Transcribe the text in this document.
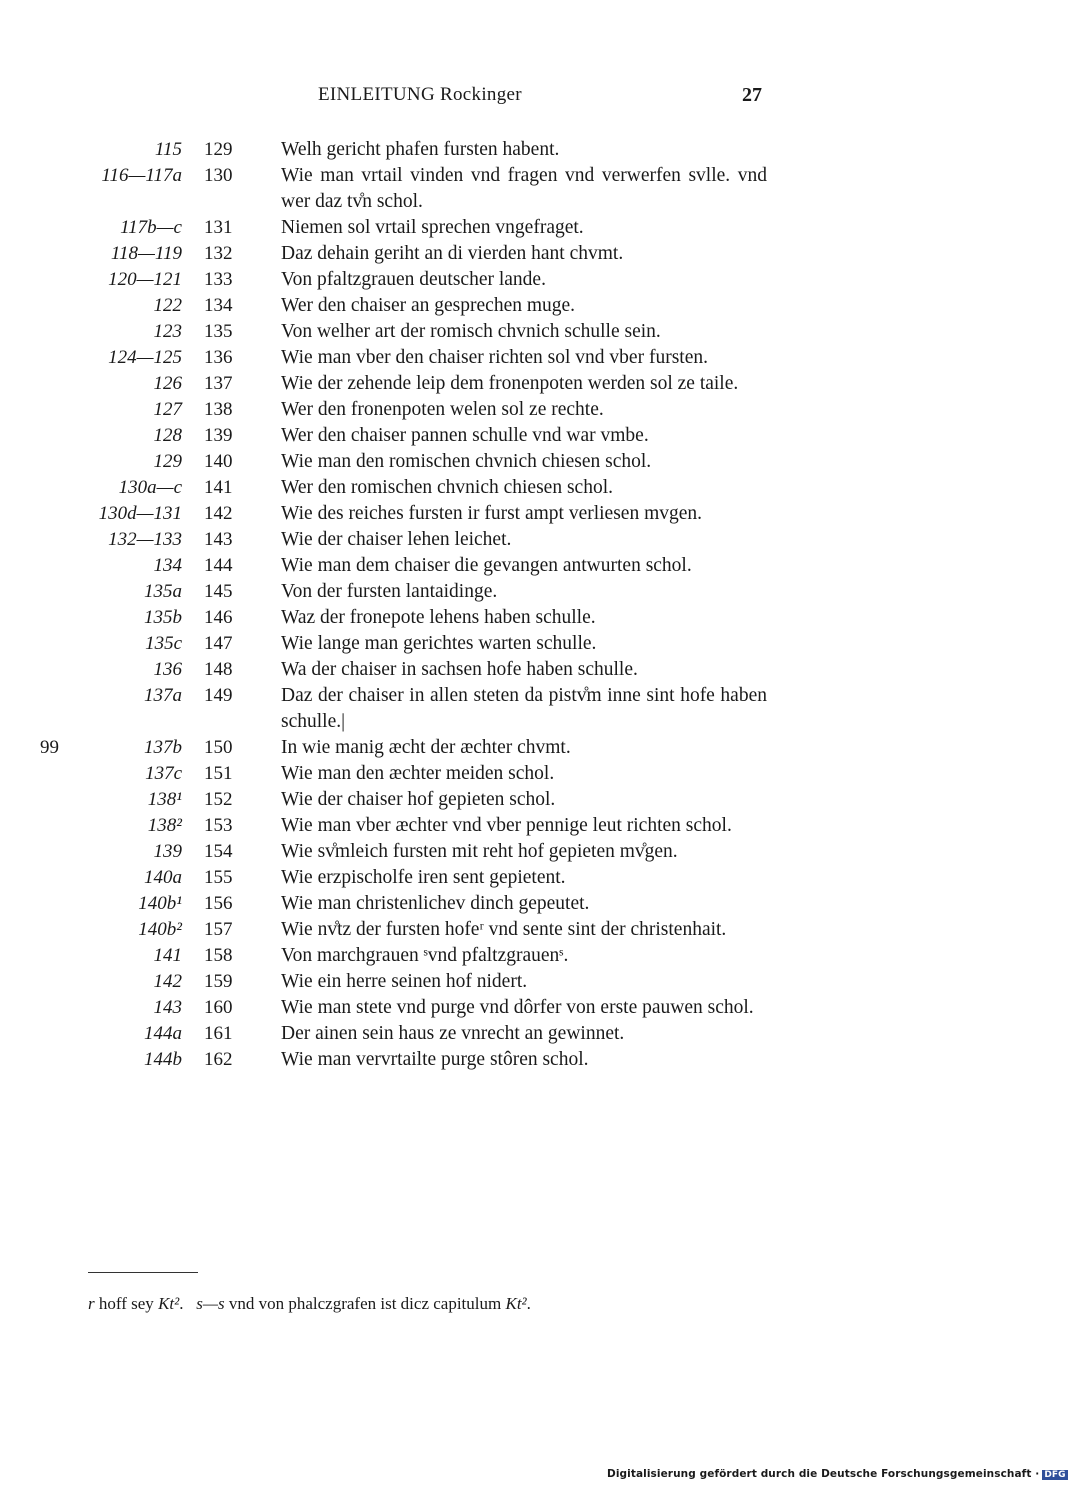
EINLEITUNG Rockinger	27
115 129 Welh gericht phafen fursten habent.
116—117a 130 Wie man vrtail vinden vnd fragen vnd verwerfen svlle. vnd wer daz tv̊n schol.
117b—c 131 Niemen sol vrtail sprechen vngefraget.
118—119 132 Daz dehain geriht an di vierden hant chvmt.
120—121 133 Von pfaltzgrauen deutscher lande.
122 134 Wer den chaiser an gesprechen muge.
123 135 Von welher art der romisch chvnich schulle sein.
124—125 136 Wie man vber den chaiser richten sol vnd vber fursten.
126 137 Wie der zehende leip dem fronenpoten werden sol ze taile.
127 138 Wer den fronenpoten welen sol ze rechte.
128 139 Wer den chaiser pannen schulle vnd war vmbe.
129 140 Wie man den romischen chvnich chiesen schol.
130a—c 141 Wer den romischen chvnich chiesen schol.
130d—131 142 Wie des reiches fursten ir furst ampt verliesen mvgen.
132—133 143 Wie der chaiser lehen leichet.
134 144 Wie man dem chaiser die gevangen antwurten schol.
135a 145 Von der fursten lantaidinge.
135b 146 Waz der fronepote lehens haben schulle.
135c 147 Wie lange man gerichtes warten schulle.
136 148 Wa der chaiser in sachsen hofe haben schulle.
137a 149 Daz der chaiser in allen steten da pistv̊m inne sint hofe haben schulle.|
99	137b 150 In wie manig æcht der æchter chvmt.
137c 151 Wie man den æchter meiden schol.
138¹ 152 Wie der chaiser hof gepieten schol.
138² 153 Wie man vber æchter vnd vber pennige leut richten schol.
139 154 Wie sv̊mleich fursten mit reht hof gepieten mv̊gen.
140a 155 Wie erzpischolfe iren sent gepietent.
140b¹ 156 Wie man christenlichev dinch gepeutet.
140b² 157 Wie nv̊tz der fursten hofeʳ vnd sente sint der christenhait.
141 158 Von marchgrauen ˢvnd pfaltzgrauenˢ.
142 159 Wie ein herre seinen hof nidert.
143 160 Wie man stete vnd purge vnd dôrfer von erste pauwen schol.
144a 161 Der ainen sein haus ze vnrecht an gewinnet.
144b 162 Wie man vervrtailte purge stôren schol.
r hoff sey Kt².   s—s vnd von phalczgrafen ist dicz capitulum Kt².
Digitalisierung gefördert durch die Deutsche Forschungsgemeinschaft · DFG
